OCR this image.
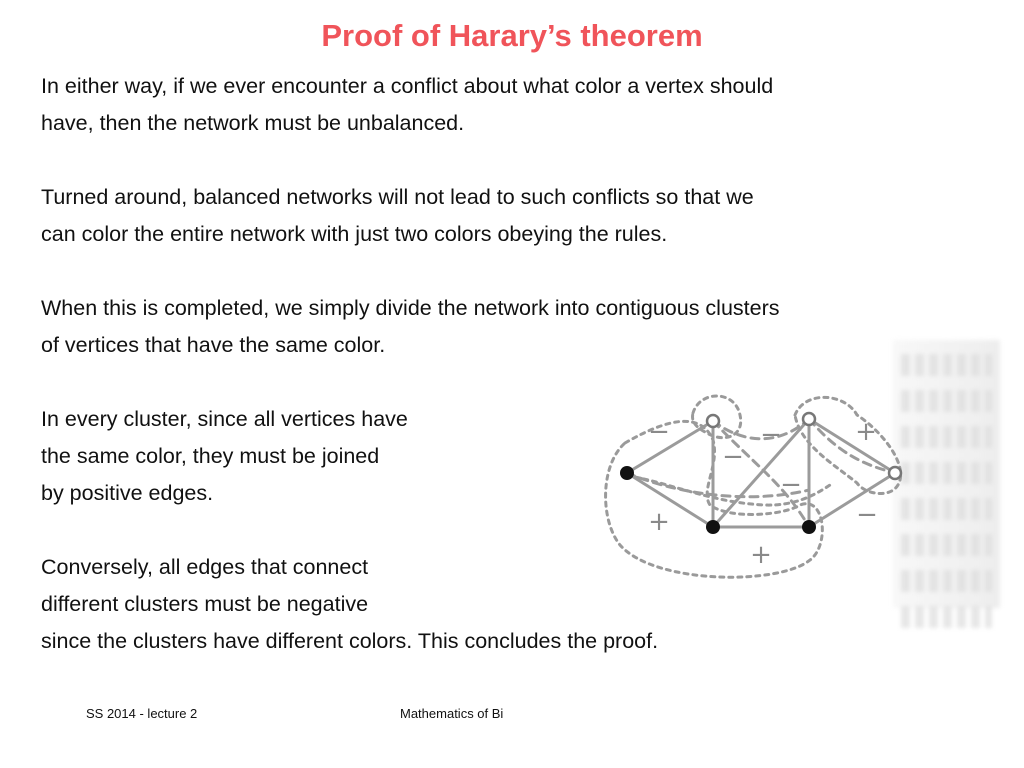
Proof of Harary’s theorem

In either way, if we ever encounter a conflict about what color a vertex should
have, then the network must be unbalanced.

Turned around, balanced networks will not lead to such conflicts so that we
can color the entire network with just two colors obeying the rules.

When this is completed, we simply divide the network into contiguous clusters
of vertices that have the same color.

In every cluster, since all vertices have
the same color, they must be joined
by positive edges.

Conversely, all edges that connect
different clusters must be negative
since the clusters have different colors. This concludes the proof.

−
−
−
−
−
+
+
+
SS 2014 - lecture 2	Mathematics of Bi
